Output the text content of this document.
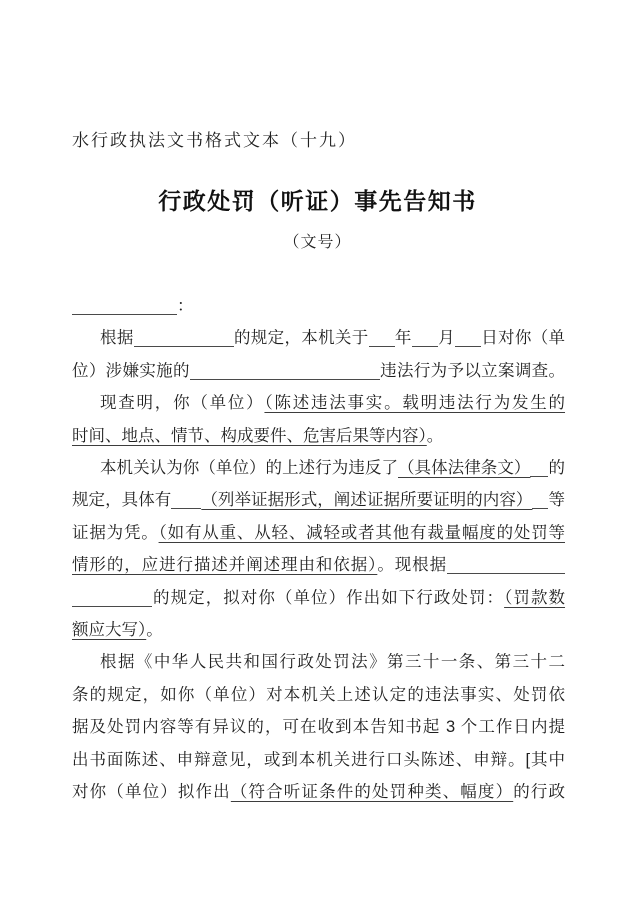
水行政执法文书格式文本（十九）
行政处罚（听证）事先告知书
（文号）
：
根据	的规定，本机关于 年 月 日对你（单
位）涉嫌实施的	违法行为予以立案调查。
现查明，你（单位）（陈述违法事实。载明违法行为发生的
时间、地点、情节、构成要件、危害后果等内容）。
本机关认为你（单位）的上述行为违反了（具体法律条文） 的
规定，具体有 （列举证据形式，阐述证据所要证明的内容） 等
证据为凭。（如有从重、从轻、减轻或者其他有裁量幅度的处罚等
情形的，应进行描述并阐述理由和依据）。现根据
的规定，拟对你（单位）作出如下行政处罚：（罚款数
额应大写）。
根据《中华人民共和国行政处罚法》第三十一条、第三十二
条的规定，如你（单位）对本机关上述认定的违法事实、处罚依
据及处罚内容等有异议的，可在收到本告知书起 3 个工作日内提
出书面陈述、申辩意见，或到本机关进行口头陈述、申辩。[其中
对你（单位）拟作出（符合听证条件的处罚种类、幅度）的行政
